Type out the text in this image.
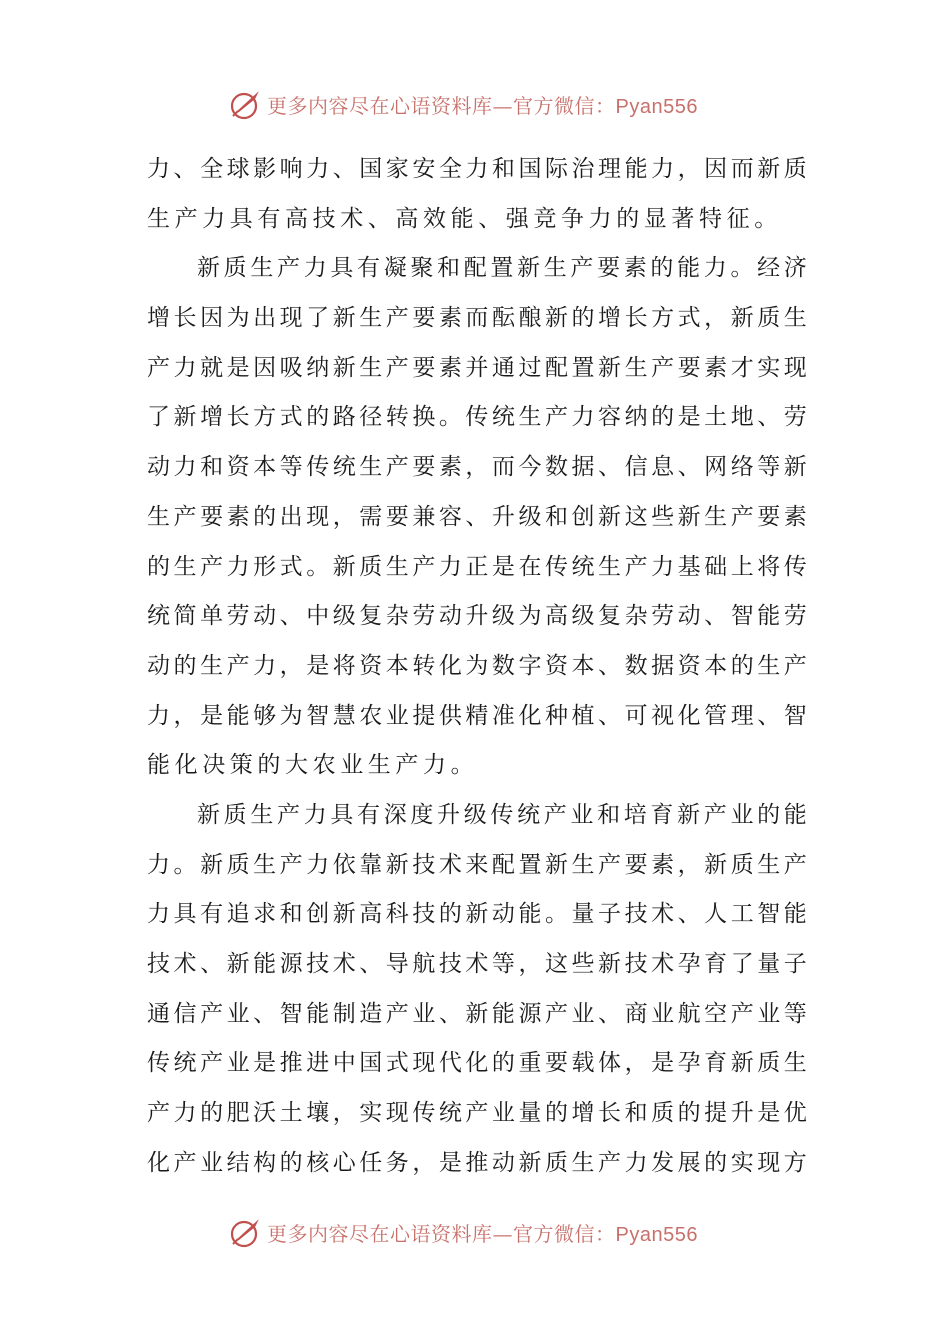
更多内容尽在心语资料库—官方微信：Pyan556
力 、 全 球 影 响 力 、 国 家 安 全 力 和 国 际 治 理 能 力 ， 因 而 新 质
生产力具有高技术、高效能、强竞争力的显著特征。
新 质 生 产 力 具 有 凝 聚 和 配 置 新 生 产 要 素 的 能 力 。 经 济
增 长 因 为 出 现 了 新 生 产 要 素 而 酝 酿 新 的 增 长 方 式 ， 新 质 生
产 力 就 是 因 吸 纳 新 生 产 要 素 并 通 过 配 置 新 生 产 要 素 才 实 现
了 新 增 长 方 式 的 路 径 转 换 。 传 统 生 产 力 容 纳 的 是 土 地 、 劳
动 力 和 资 本 等 传 统 生 产 要 素 ， 而 今 数 据 、 信 息 、 网 络 等 新
生 产 要 素 的 出 现 ， 需 要 兼 容 、 升 级 和 创 新 这 些 新 生 产 要 素
的 生 产 力 形 式 。 新 质 生 产 力 正 是 在 传 统 生 产 力 基 础 上 将 传
统 简 单 劳 动 、 中 级 复 杂 劳 动 升 级 为 高 级 复 杂 劳 动 、 智 能 劳
动 的 生 产 力 ， 是 将 资 本 转 化 为 数 字 资 本 、 数 据 资 本 的 生 产
力 ， 是 能 够 为 智 慧 农 业 提 供 精 准 化 种 植 、 可 视 化 管 理 、 智
能化决策的大农业生产力。
新 质 生 产 力 具 有 深 度 升 级 传 统 产 业 和 培 育 新 产 业 的 能
力 。 新 质 生 产 力 依 靠 新 技 术 来 配 置 新 生 产 要 素 ， 新 质 生 产
力 具 有 追 求 和 创 新 高 科 技 的 新 动 能 。 量 子 技 术 、 人 工 智 能
技 术 、 新 能 源 技 术 、 导 航 技 术 等 ， 这 些 新 技 术 孕 育 了 量 子
通 信 产 业 、 智 能 制 造 产 业 、 新 能 源 产 业 、 商 业 航 空 产 业 等
传 统 产 业 是 推 进 中 国 式 现 代 化 的 重 要 载 体 ， 是 孕 育 新 质 生
产 力 的 肥 沃 土 壤 ， 实 现 传 统 产 业 量 的 增 长 和 质 的 提 升 是 优
化 产 业 结 构 的 核 心 任 务 ， 是 推 动 新 质 生 产 力 发 展 的 实 现 方
更多内容尽在心语资料库—官方微信：Pyan556
